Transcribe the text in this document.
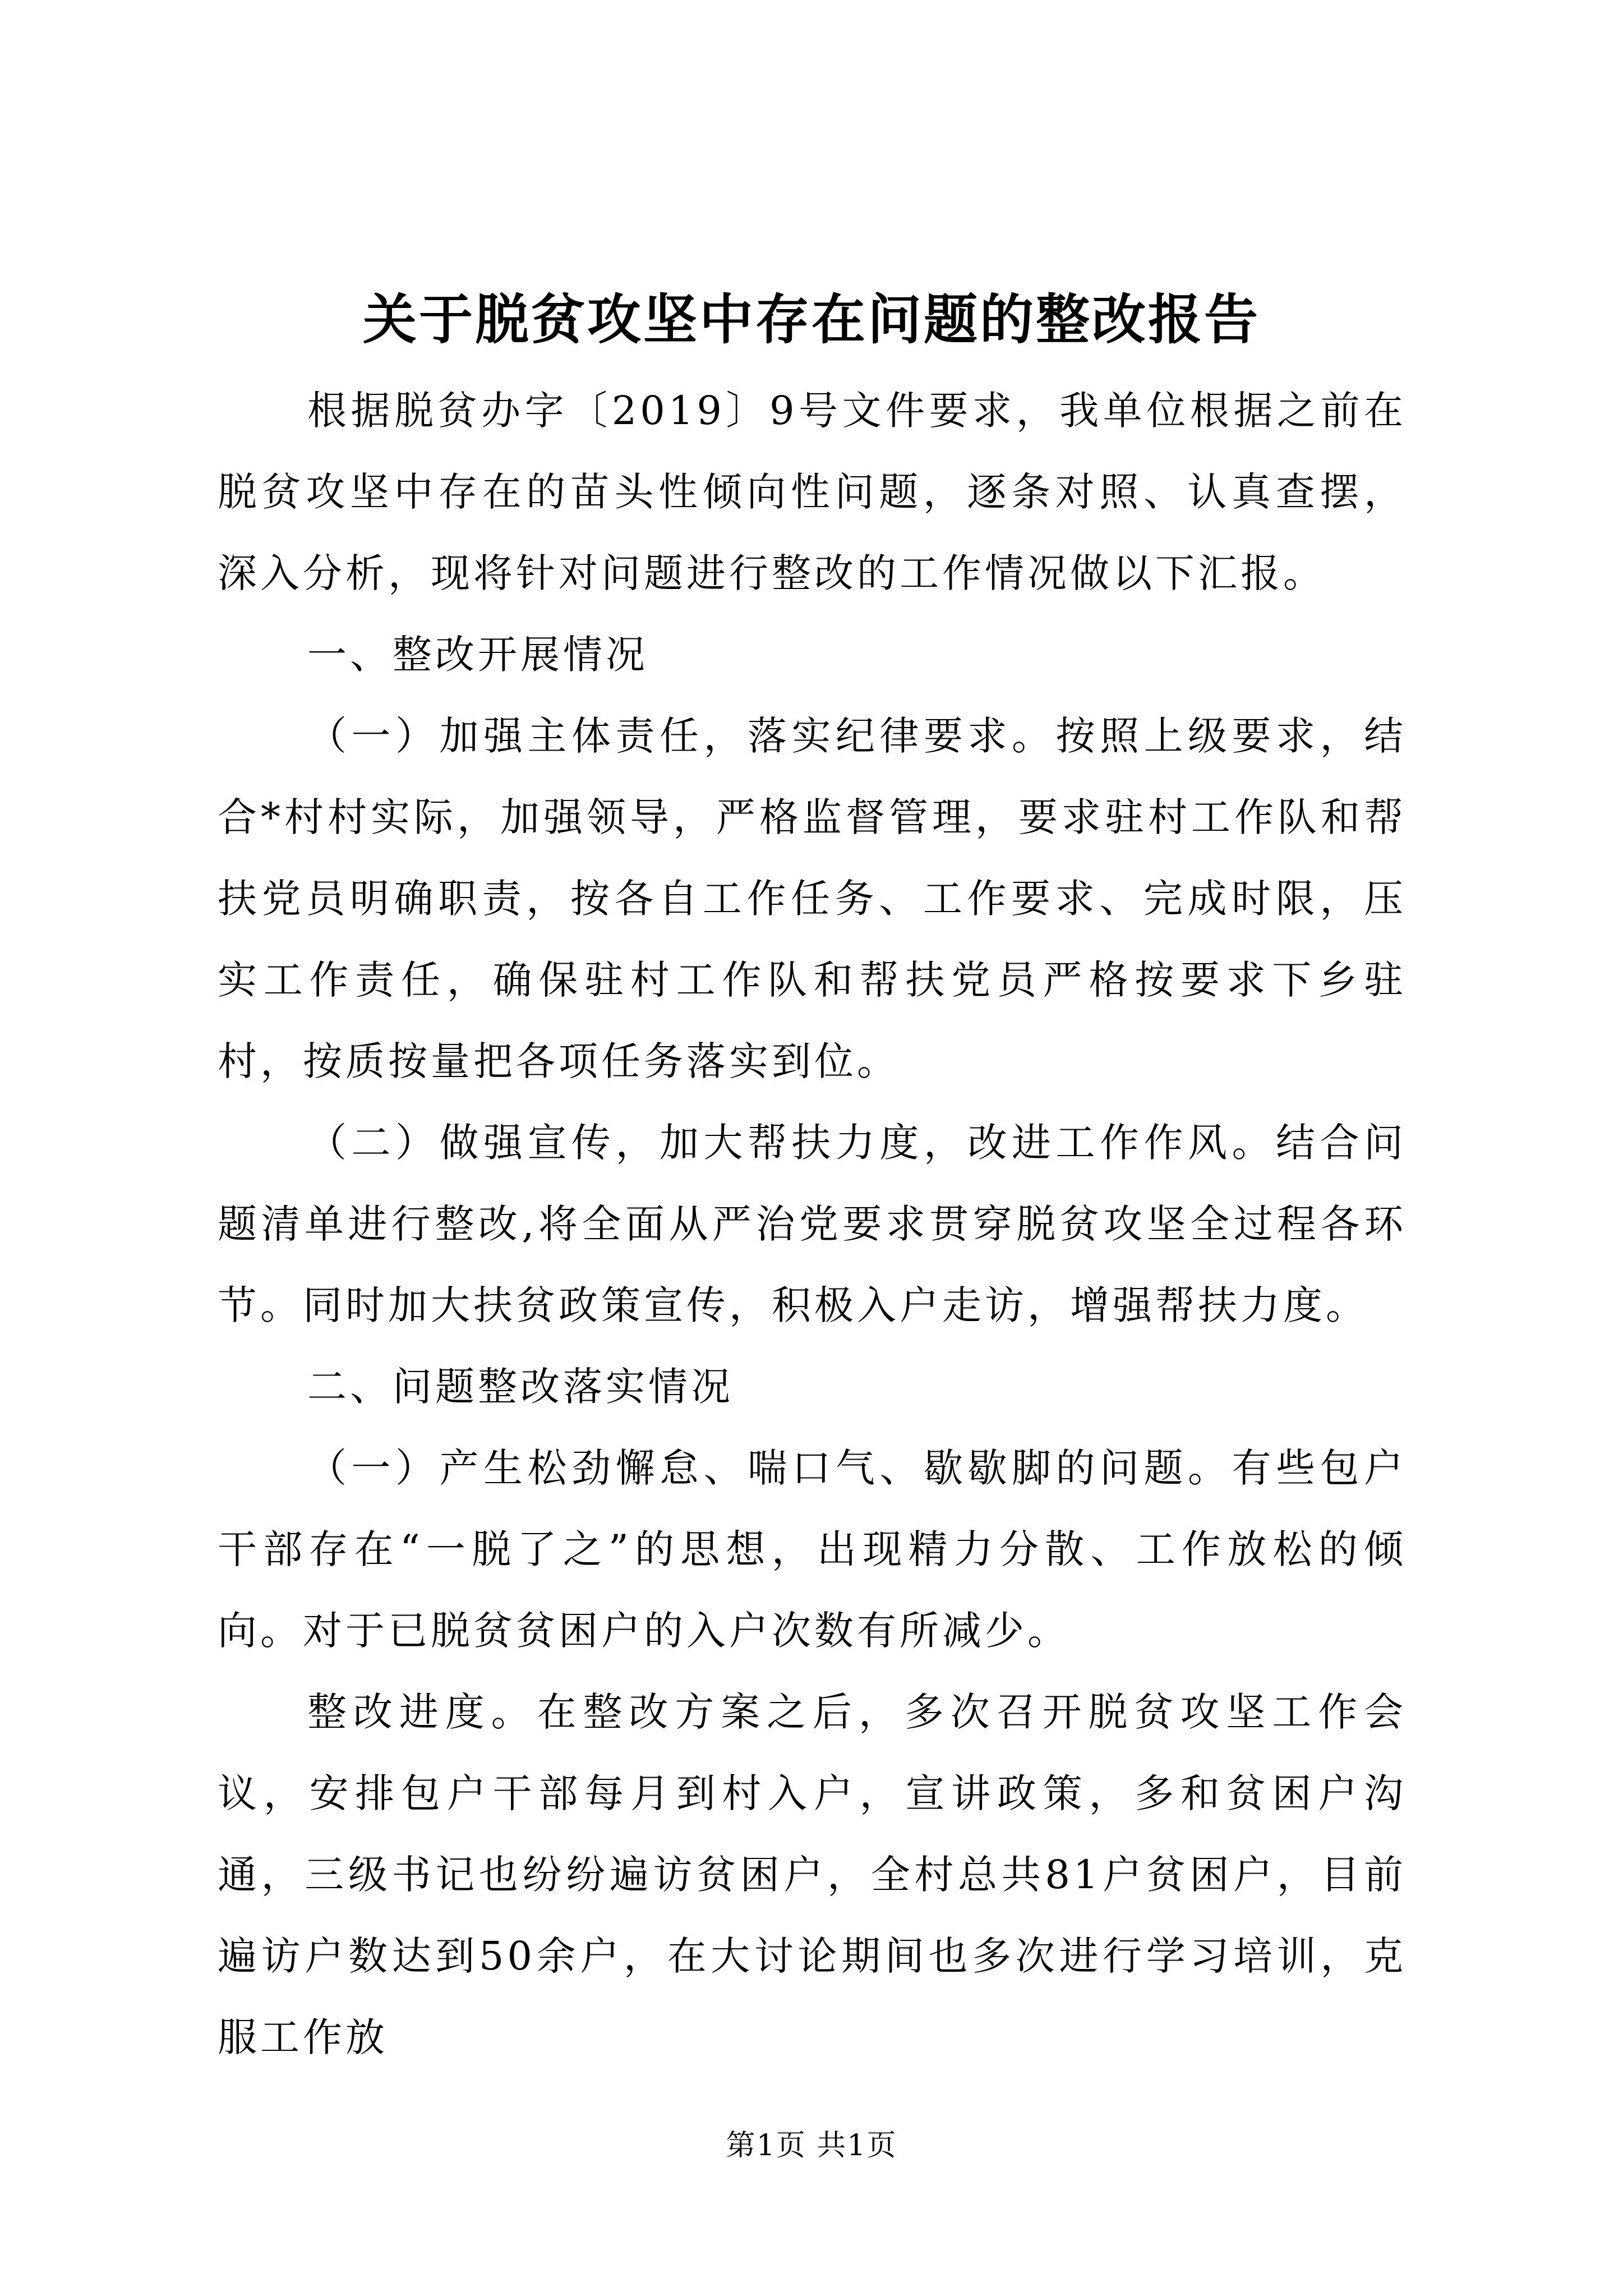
关于脱贫攻坚中存在问题的整改报告

根据脱贫办字〔2019〕9号文件要求，我单位根据之前在脱贫攻坚中存在的苗头性倾向性问题，逐条对照、认真查摆，深入分析，现将针对问题进行整改的工作情况做以下汇报。

一、整改开展情况

（一）加强主体责任，落实纪律要求。按照上级要求，结合*村村实际，加强领导，严格监督管理，要求驻村工作队和帮扶党员明确职责，按各自工作任务、工作要求、完成时限，压实工作责任，确保驻村工作队和帮扶党员严格按要求下乡驻村，按质按量把各项任务落实到位。

（二）做强宣传，加大帮扶力度，改进工作作风。结合问题清单进行整改,将全面从严治党要求贯穿脱贫攻坚全过程各环节。同时加大扶贫政策宣传，积极入户走访，增强帮扶力度。

二、问题整改落实情况

（一）产生松劲懈怠、喘口气、歇歇脚的问题。有些包户干部存在“一脱了之”的思想，出现精力分散、工作放松的倾向。对于已脱贫贫困户的入户次数有所减少。

整改进度。在整改方案之后，多次召开脱贫攻坚工作会议，安排包户干部每月到村入户，宣讲政策，多和贫困户沟通，三级书记也纷纷遍访贫困户，全村总共81户贫困户，目前遍访户数达到50余户，在大讨论期间也多次进行学习培训，克服工作放

第1页 共1页
